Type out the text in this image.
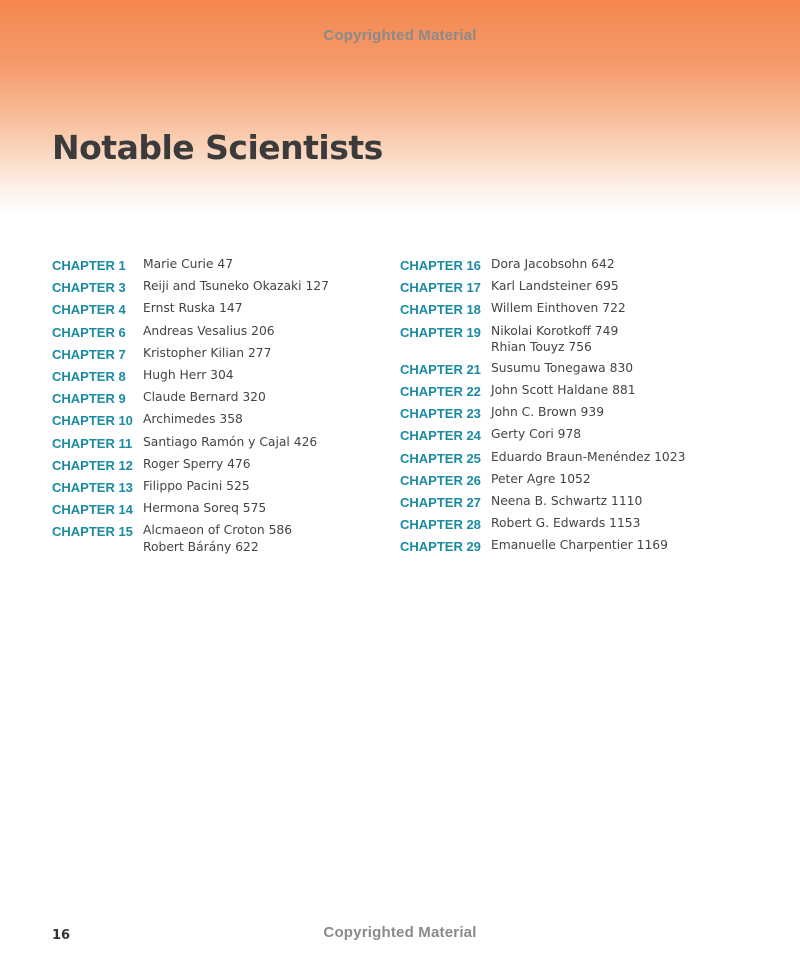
Copyrighted Material
Notable Scientists
CHAPTER 1	Marie Curie 47
CHAPTER 3	Reiji and Tsuneko Okazaki 127
CHAPTER 4	Ernst Ruska 147
CHAPTER 6	Andreas Vesalius 206
CHAPTER 7	Kristopher Kilian 277
CHAPTER 8	Hugh Herr 304
CHAPTER 9	Claude Bernard 320
CHAPTER 10 Archimedes 358
CHAPTER 11 Santiago Ramón y Cajal 426
CHAPTER 12 Roger Sperry 476
CHAPTER 13 Filippo Pacini 525
CHAPTER 14 Hermona Soreq 575
CHAPTER 15 Alcmaeon of Croton 586
Robert Bárány 622
CHAPTER 16 Dora Jacobsohn 642
CHAPTER 17 Karl Landsteiner 695
CHAPTER 18 Willem Einthoven 722
CHAPTER 19 Nikolai Korotkoff 749
Rhian Touyz 756
CHAPTER 21 Susumu Tonegawa 830
CHAPTER 22 John Scott Haldane 881
CHAPTER 23 John C. Brown 939
CHAPTER 24 Gerty Cori 978
CHAPTER 25 Eduardo Braun-Menéndez 1023
CHAPTER 26 Peter Agre 1052
CHAPTER 27 Neena B. Schwartz 1110
CHAPTER 28 Robert G. Edwards 1153
CHAPTER 29 Emanuelle Charpentier 1169
16	Copyrighted Material
